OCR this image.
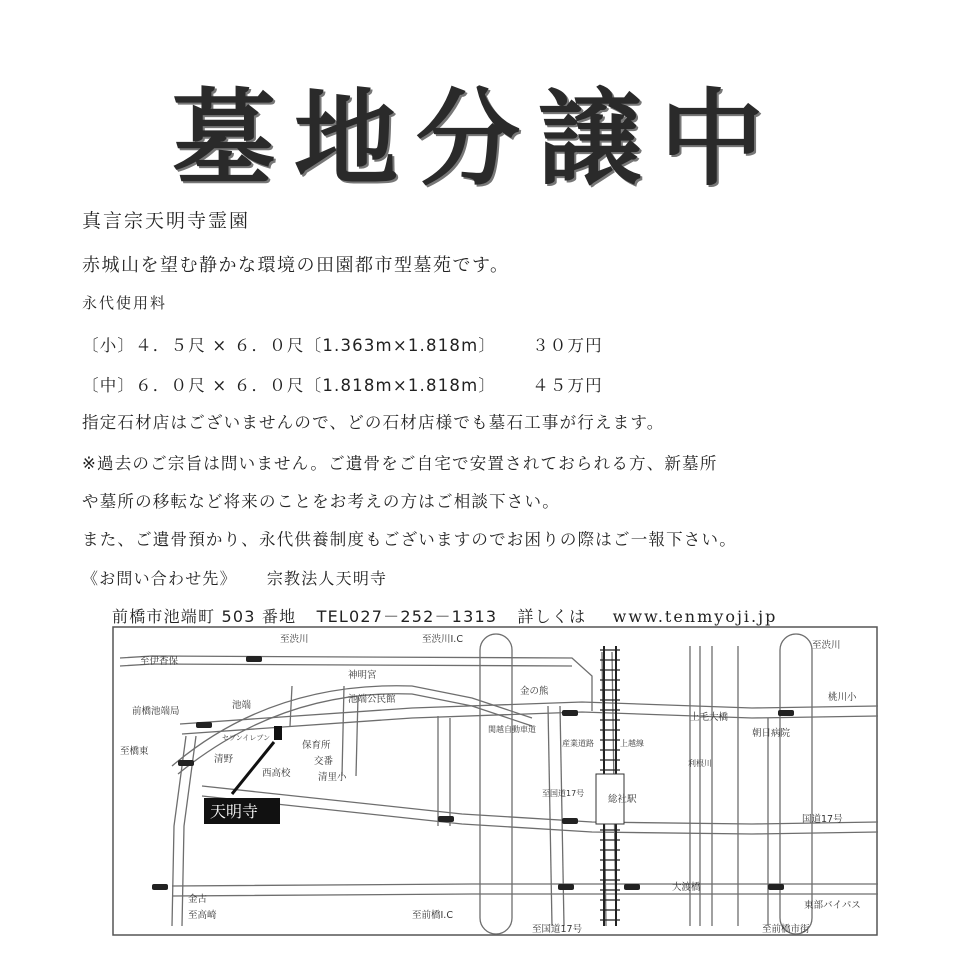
墓地分譲中
真言宗天明寺霊園
赤城山を望む静かな環境の田園都市型墓苑です。
永代使用料
〔小〕４．５尺 × ６．０尺〔1.363m×1.818m〕 ３０万円
〔中〕６．０尺 × ６．０尺〔1.818m×1.818m〕 ４５万円
指定石材店はございませんので、どの石材店様でも墓石工事が行えます。
※過去のご宗旨は問いません。ご遺骨をご自宅で安置されておられる方、新墓所
や墓所の移転など将来のことをお考えの方はご相談下さい。
また、ご遺骨預かり、永代供養制度もございますのでお困りの際はご一報下さい。
《お問い合わせ先》 宗教法人天明寺
前橋市池端町 503 番地 TEL027－252－1313 詳しくは www.tenmyoji.jp
天明寺
至渋川	至渋川I.C
至渋川
至伊香保
神明宮
池端公民館
金の熊
上毛大橋
桃川小
前橋池端局
池端
セブンイレブン
保育所
交番
至橋東
清野
西高校	清里小
至国道17号
大渡橋
朝日病院
国道17号
総社駅
東部バイパス
金古
至高崎	至前橋I.C
至国道17号	至前橋市街
関越自動車道
産業道路	上越線
利根川
